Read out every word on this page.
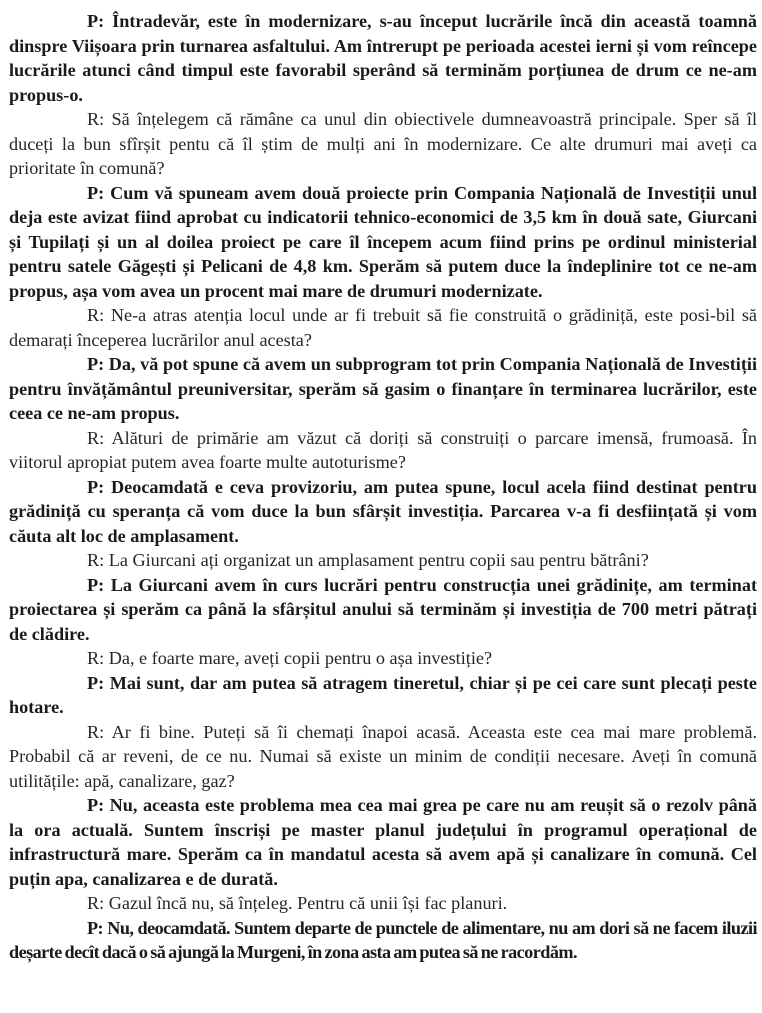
P: Întradevăr, este în modernizare, s-au început lucrările încă din această toamnă dinspre Viișoara prin turnarea asfaltului. Am întrerupt pe perioada acestei ierni și vom reîncepe lucrările atunci când timpul este favorabil sperând să terminăm porțiunea de drum ce ne-am propus-o.

R: Să înțelegem că rămâne ca unul din obiectivele dumneavoastră principale. Sper să îl duceți la bun sfîrșit pentu că îl știm de mulți ani în modernizare. Ce alte drumuri mai aveți ca prioritate în comună?

P: Cum vă spuneam avem două proiecte prin Compania Națională de Investiții unul deja este avizat fiind aprobat cu indicatorii tehnico-economici de 3,5 km în două sate, Giurcani și Tupilați și un al doilea proiect pe care îl începem acum fiind prins pe ordinul ministerial pentru satele Găgești și Pelicani de 4,8 km. Sperăm să putem duce la îndeplinire tot ce ne-am propus, așa vom avea un procent mai mare de drumuri modernizate.

R: Ne-a atras atenția locul unde ar fi trebuit să fie construită o grădiniță, este posi-bil să demarați începerea lucrărilor anul acesta?

P: Da, vă pot spune că avem un subprogram tot prin Compania Națională de Investiții pentru învățământul preuniversitar, sperăm să gasim o finanțare în terminarea lucrărilor, este ceea ce ne-am propus.

R: Alături de primărie am văzut că doriți să construiți o parcare imensă, frumoasă. În viitorul apropiat putem avea foarte multe autoturisme?

P: Deocamdată e ceva provizoriu, am putea spune, locul acela fiind destinat pentru grădiniță cu speranța că vom duce la bun sfârșit investiția. Parcarea v-a fi desființată și vom căuta alt loc de amplasament.

R: La Giurcani ați organizat un amplasament pentru copii sau pentru bătrâni?

P: La Giurcani avem în curs lucrări pentru construcția unei grădinițe, am terminat proiectarea și sperăm ca până la sfârșitul anului să terminăm și investiția de 700 metri pătrați de clădire.

R: Da, e foarte mare, aveți copii pentru o așa investiție?

P: Mai sunt, dar am putea să atragem tineretul, chiar și pe cei care sunt plecați peste hotare.

R: Ar fi bine. Puteți să îi chemați înapoi acasă. Aceasta este cea mai mare problemă. Probabil că ar reveni, de ce nu. Numai să existe un minim de condiții necesare. Aveți în comună utilitățile: apă, canalizare, gaz?

P: Nu, aceasta este problema mea cea mai grea pe care nu am reușit să o rezolv până la ora actuală. Suntem înscriși pe master planul județului în programul operațional de infrastructură mare. Sperăm ca în mandatul acesta să avem apă și canalizare în comună. Cel puțin apa, canalizarea e de durată.

R: Gazul încă nu, să înțeleg. Pentru că unii își fac planuri.

P: Nu, deocamdată. Suntem departe de punctele de alimentare, nu am dori să ne facem iluzii deșarte decît dacă o să ajungă la Murgeni, în zona asta am putea să ne racordăm.
